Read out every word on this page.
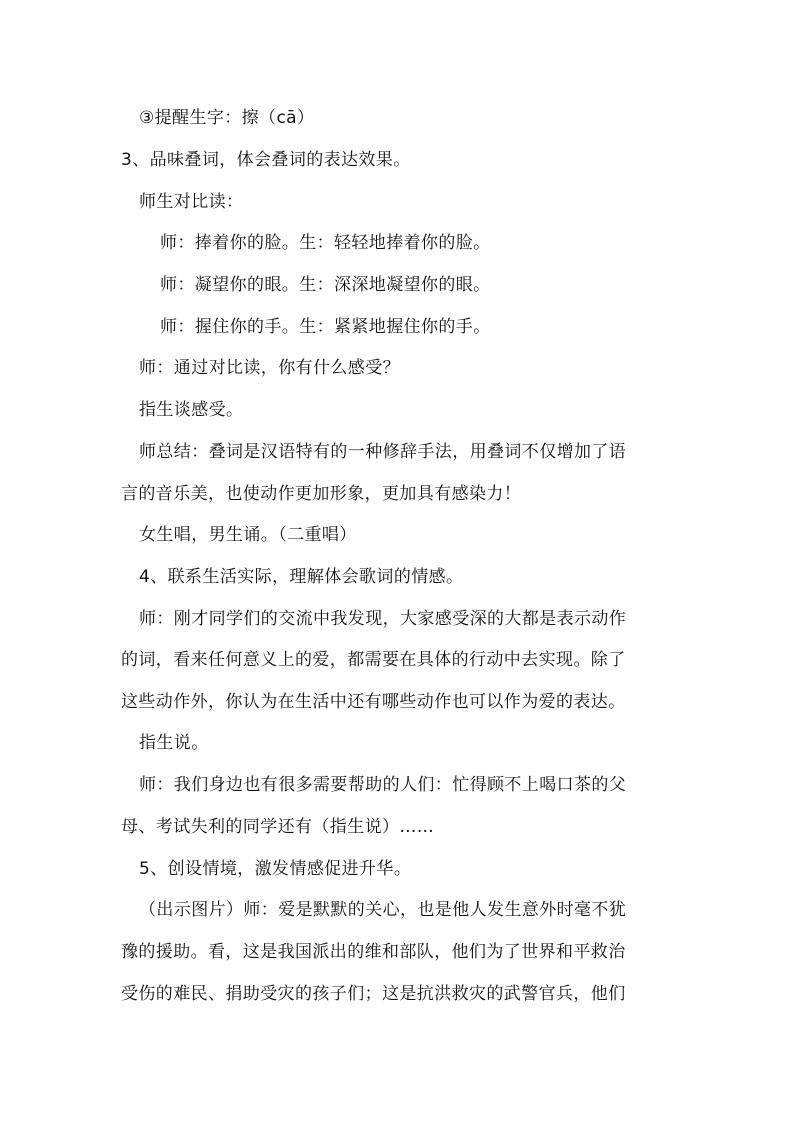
③提醒生字：擦（cā）
3、品味叠词，体会叠词的表达效果。
师生对比读：
师：捧着你的脸。生：轻轻地捧着你的脸。
师：凝望你的眼。生：深深地凝望你的眼。
师：握住你的手。生：紧紧地握住你的手。
师：通过对比读，你有什么感受？
指生谈感受。
师总结：叠词是汉语特有的一种修辞手法，用叠词不仅增加了语
言的音乐美，也使动作更加形象，更加具有感染力！
女生唱，男生诵。（二重唱）
4、联系生活实际，理解体会歌词的情感。
师：刚才同学们的交流中我发现，大家感受深的大都是表示动作
的词，看来任何意义上的爱，都需要在具体的行动中去实现。除了
这些动作外，你认为在生活中还有哪些动作也可以作为爱的表达。
指生说。
师：我们身边也有很多需要帮助的人们：忙得顾不上喝口茶的父
母、考试失利的同学还有（指生说）……
5、创设情境，激发情感促进升华。
（出示图片）师：爱是默默的关心，也是他人发生意外时毫不犹
豫的援助。看，这是我国派出的维和部队，他们为了世界和平救治
受伤的难民、捐助受灾的孩子们；这是抗洪救灾的武警官兵，他们
